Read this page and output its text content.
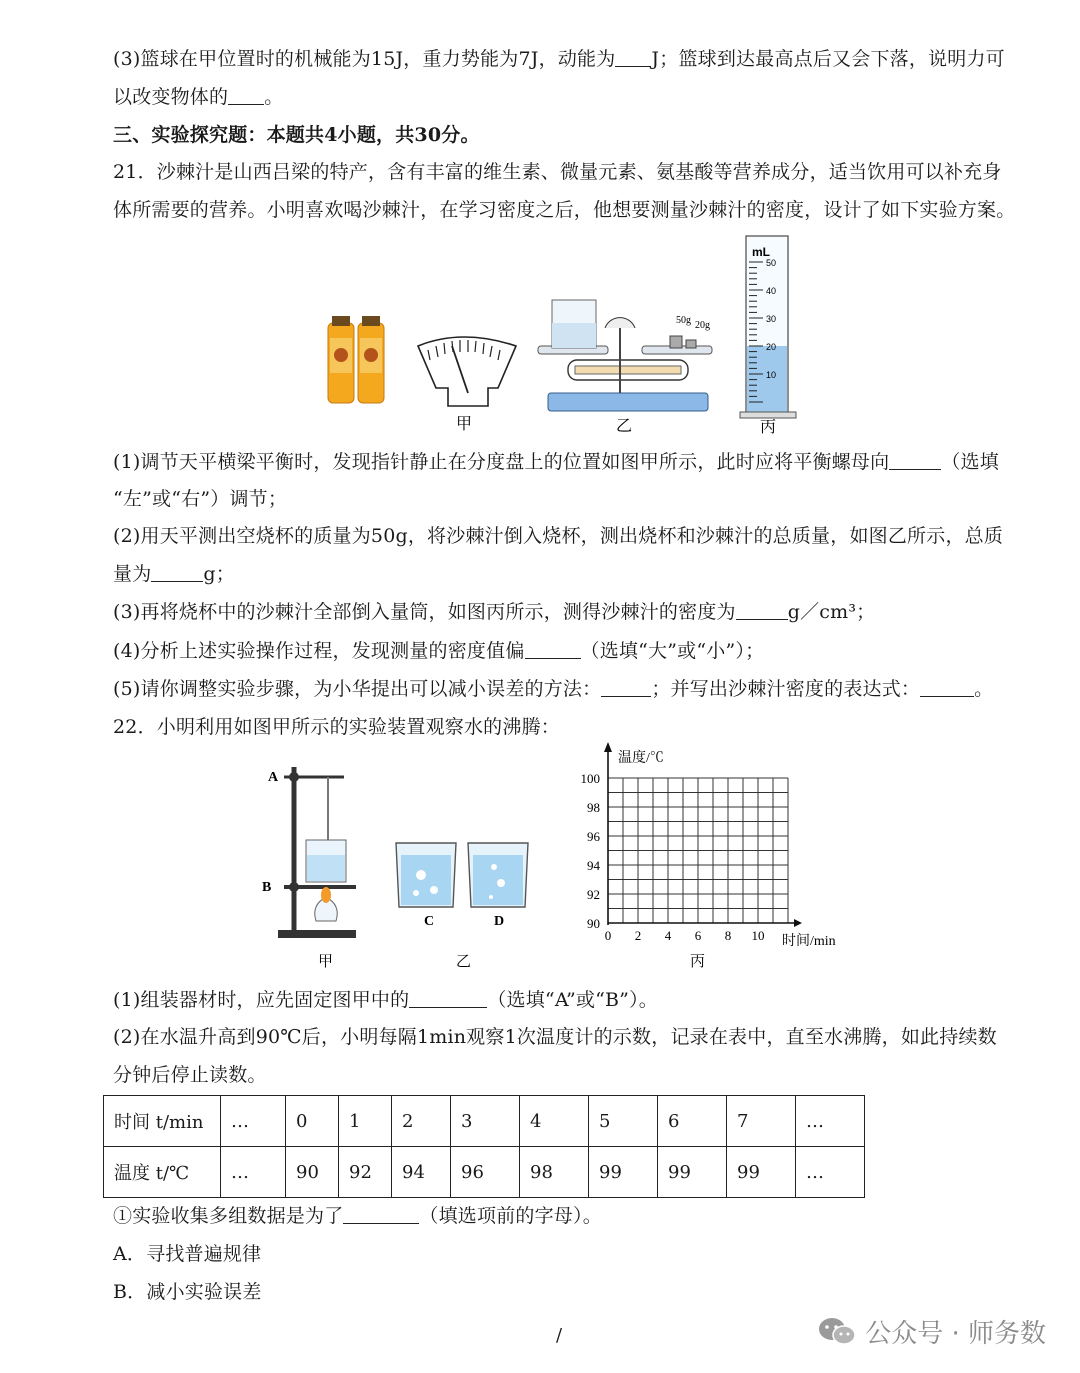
(3)篮球在甲位置时的机械能为15J，重力势能为7J，动能为 J；篮球到达最高点后又会下落，说明力可
以改变物体的 。
三、实验探究题：本题共4小题，共30分。
21．沙棘汁是山西吕梁的特产，含有丰富的维生素、微量元素、氨基酸等营养成分，适当饮用可以补充身
体所需要的营养。小明喜欢喝沙棘汁，在学习密度之后，他想要测量沙棘汁的密度，设计了如下实验方案。
甲
50g 20g
乙
mL
50
40
30
20
10
丙
(1)调节天平横梁平衡时，发现指针静止在分度盘上的位置如图甲所示，此时应将平衡螺母向	（选填
“左”或“右”）调节；
(2)用天平测出空烧杯的质量为50g，将沙棘汁倒入烧杯，测出烧杯和沙棘汁的总质量，如图乙所示，总质
量为	g；
(3)再将烧杯中的沙棘汁全部倒入量筒，如图丙所示，测得沙棘汁的密度为	g／cm³；
(4)分析上述实验操作过程，发现测量的密度值偏	（选填“大”或“小”）；
(5)请你调整实验步骤，为小华提出可以减小误差的方法：	；并写出沙棘汁密度的表达式：	。
22．小明利用如图甲所示的实验装置观察水的沸腾：
A
B
甲
C	D
乙
温度/℃
时间/min
100
98
96
94
92
90
0 2 4 6 8 10
丙
(1)组装器材时，应先固定图甲中的	（选填“A”或“B”）。
(2)在水温升高到90℃后，小明每隔1min观察1次温度计的示数，记录在表中，直至水沸腾，如此持续数
分钟后停止读数。
时间 t/min	…	0	1	2	3	4	5	6	7	…
温度 t/℃	…	90	92	94	96	98	99	99	99	…
①实验收集多组数据是为了	（填选项前的字母）。
A．寻找普遍规律
B．减小实验误差
/	公众号 · 师务数
